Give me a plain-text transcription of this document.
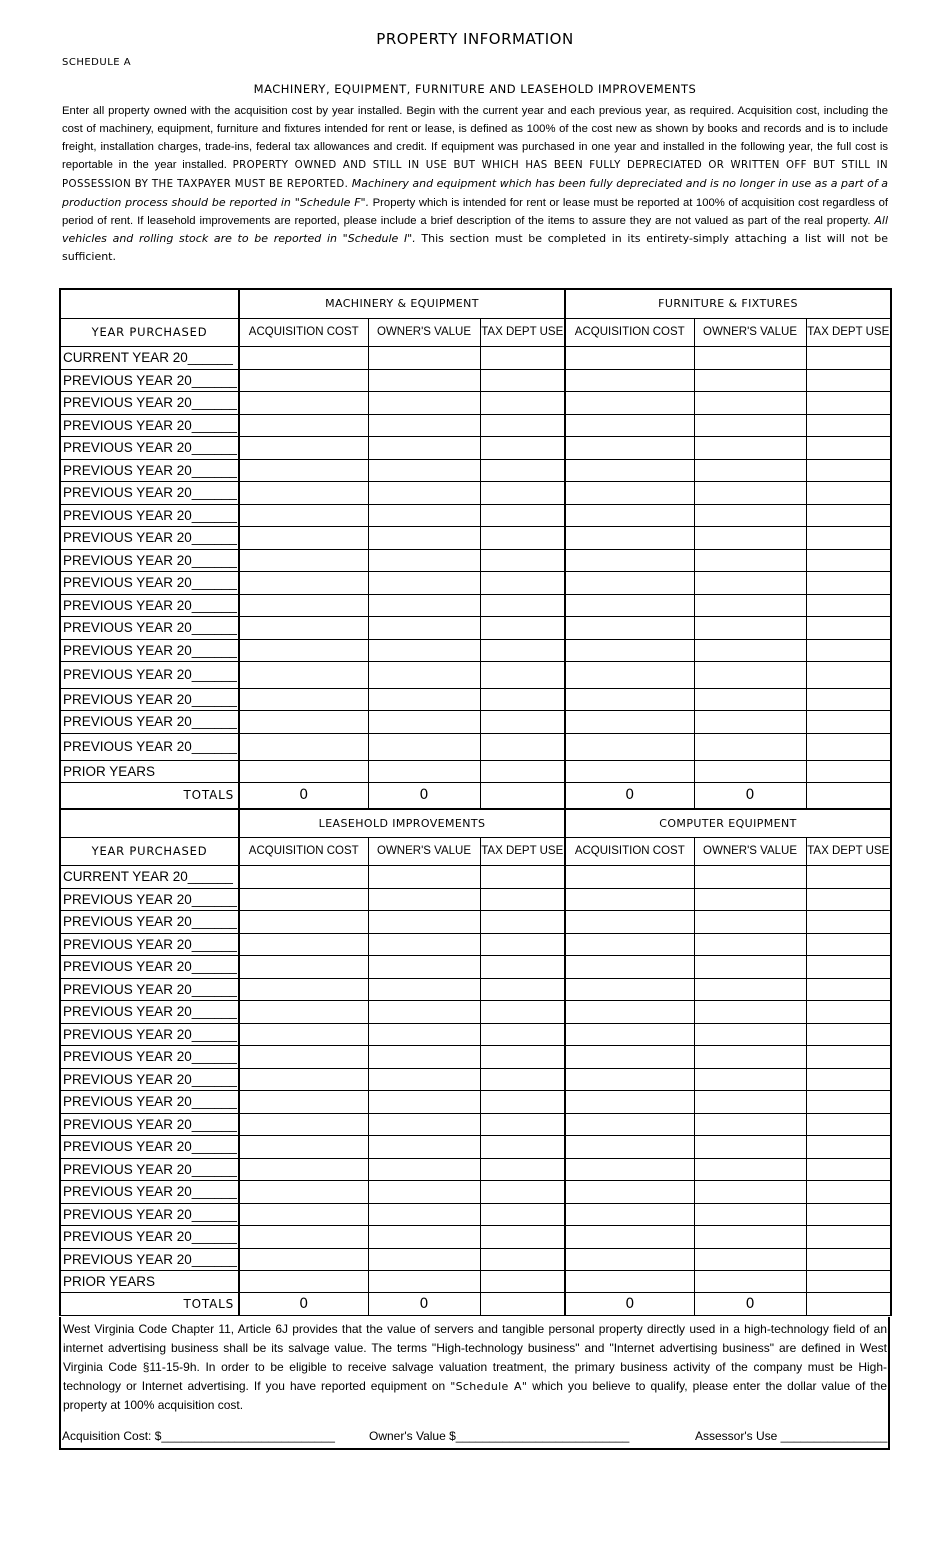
PROPERTY INFORMATION
SCHEDULE A
MACHINERY, EQUIPMENT, FURNITURE AND LEASEHOLD IMPROVEMENTS
Enter all property owned with the acquisition cost by year installed. Begin with the current year and each previous year, as required. Acquisition cost, including the cost of machinery, equipment, furniture and fixtures intended for rent or lease, is defined as 100% of the cost new as shown by books and records and is to include freight, installation charges, trade-ins, federal tax allowances and credit. If equipment was purchased in one year and installed in the following year, the full cost is reportable in the year installed. PROPERTY OWNED AND STILL IN USE BUT WHICH HAS BEEN FULLY DEPRECIATED OR WRITTEN OFF BUT STILL IN POSSESSION BY THE TAXPAYER MUST BE REPORTED. Machinery and equipment which has been fully depreciated and is no longer in use as a part of a production process should be reported in "Schedule F". Property which is intended for rent or lease must be reported at 100% of acquisition cost regardless of period of rent. If leasehold improvements are reported, please include a brief description of the items to assure they are not valued as part of the real property. All vehicles and rolling stock are to be reported in "Schedule I". This section must be completed in its entirety-simply attaching a list will not be sufficient.
	MACHINERY & EQUIPMENT			FURNITURE & FIXTURES		
YEAR PURCHASED	ACQUISITION COST	OWNER'S VALUE	TAX DEPT USE	ACQUISITION COST	OWNER'S VALUE	TAX DEPT USE
CURRENT YEAR 20______						
PREVIOUS YEAR 20______						
PREVIOUS YEAR 20______						
PREVIOUS YEAR 20______						
PREVIOUS YEAR 20______						
PREVIOUS YEAR 20______						
PREVIOUS YEAR 20______						
PREVIOUS YEAR 20______						
PREVIOUS YEAR 20______						
PREVIOUS YEAR 20______						
PREVIOUS YEAR 20______						
PREVIOUS YEAR 20______						
PREVIOUS YEAR 20______						
PREVIOUS YEAR 20______						
PREVIOUS YEAR 20______						
PREVIOUS YEAR 20______						
PREVIOUS YEAR 20______						
PREVIOUS YEAR 20______						
PRIOR YEARS						
TOTALS	0	0		0	0	
	LEASEHOLD IMPROVEMENTS			COMPUTER EQUIPMENT		
YEAR PURCHASED	ACQUISITION COST	OWNER'S VALUE	TAX DEPT USE	ACQUISITION COST	OWNER'S VALUE	TAX DEPT USE
CURRENT YEAR 20______						
PREVIOUS YEAR 20______						
PREVIOUS YEAR 20______						
PREVIOUS YEAR 20______						
PREVIOUS YEAR 20______						
PREVIOUS YEAR 20______						
PREVIOUS YEAR 20______						
PREVIOUS YEAR 20______						
PREVIOUS YEAR 20______						
PREVIOUS YEAR 20______						
PREVIOUS YEAR 20______						
PREVIOUS YEAR 20______						
PREVIOUS YEAR 20______						
PREVIOUS YEAR 20______						
PREVIOUS YEAR 20______						
PREVIOUS YEAR 20______						
PREVIOUS YEAR 20______						
PREVIOUS YEAR 20______						
PRIOR YEARS						
TOTALS	0	0		0	0	
West Virginia Code Chapter 11, Article 6J provides that the value of servers and tangible personal property directly used in a high-technology field of an internet advertising business shall be its salvage value. The terms "High-technology business" and "Internet advertising business" are defined in West Virginia Code §11-15-9h. In order to be eligible to receive salvage valuation treatment, the primary business activity of the company must be High-technology or Internet advertising. If you have reported equipment on "Schedule A" which you believe to qualify, please enter the dollar value of the property at 100% acquisition cost.
Acquisition Cost: $__________________________	Owner's Value $__________________________	Assessor's Use ________________
